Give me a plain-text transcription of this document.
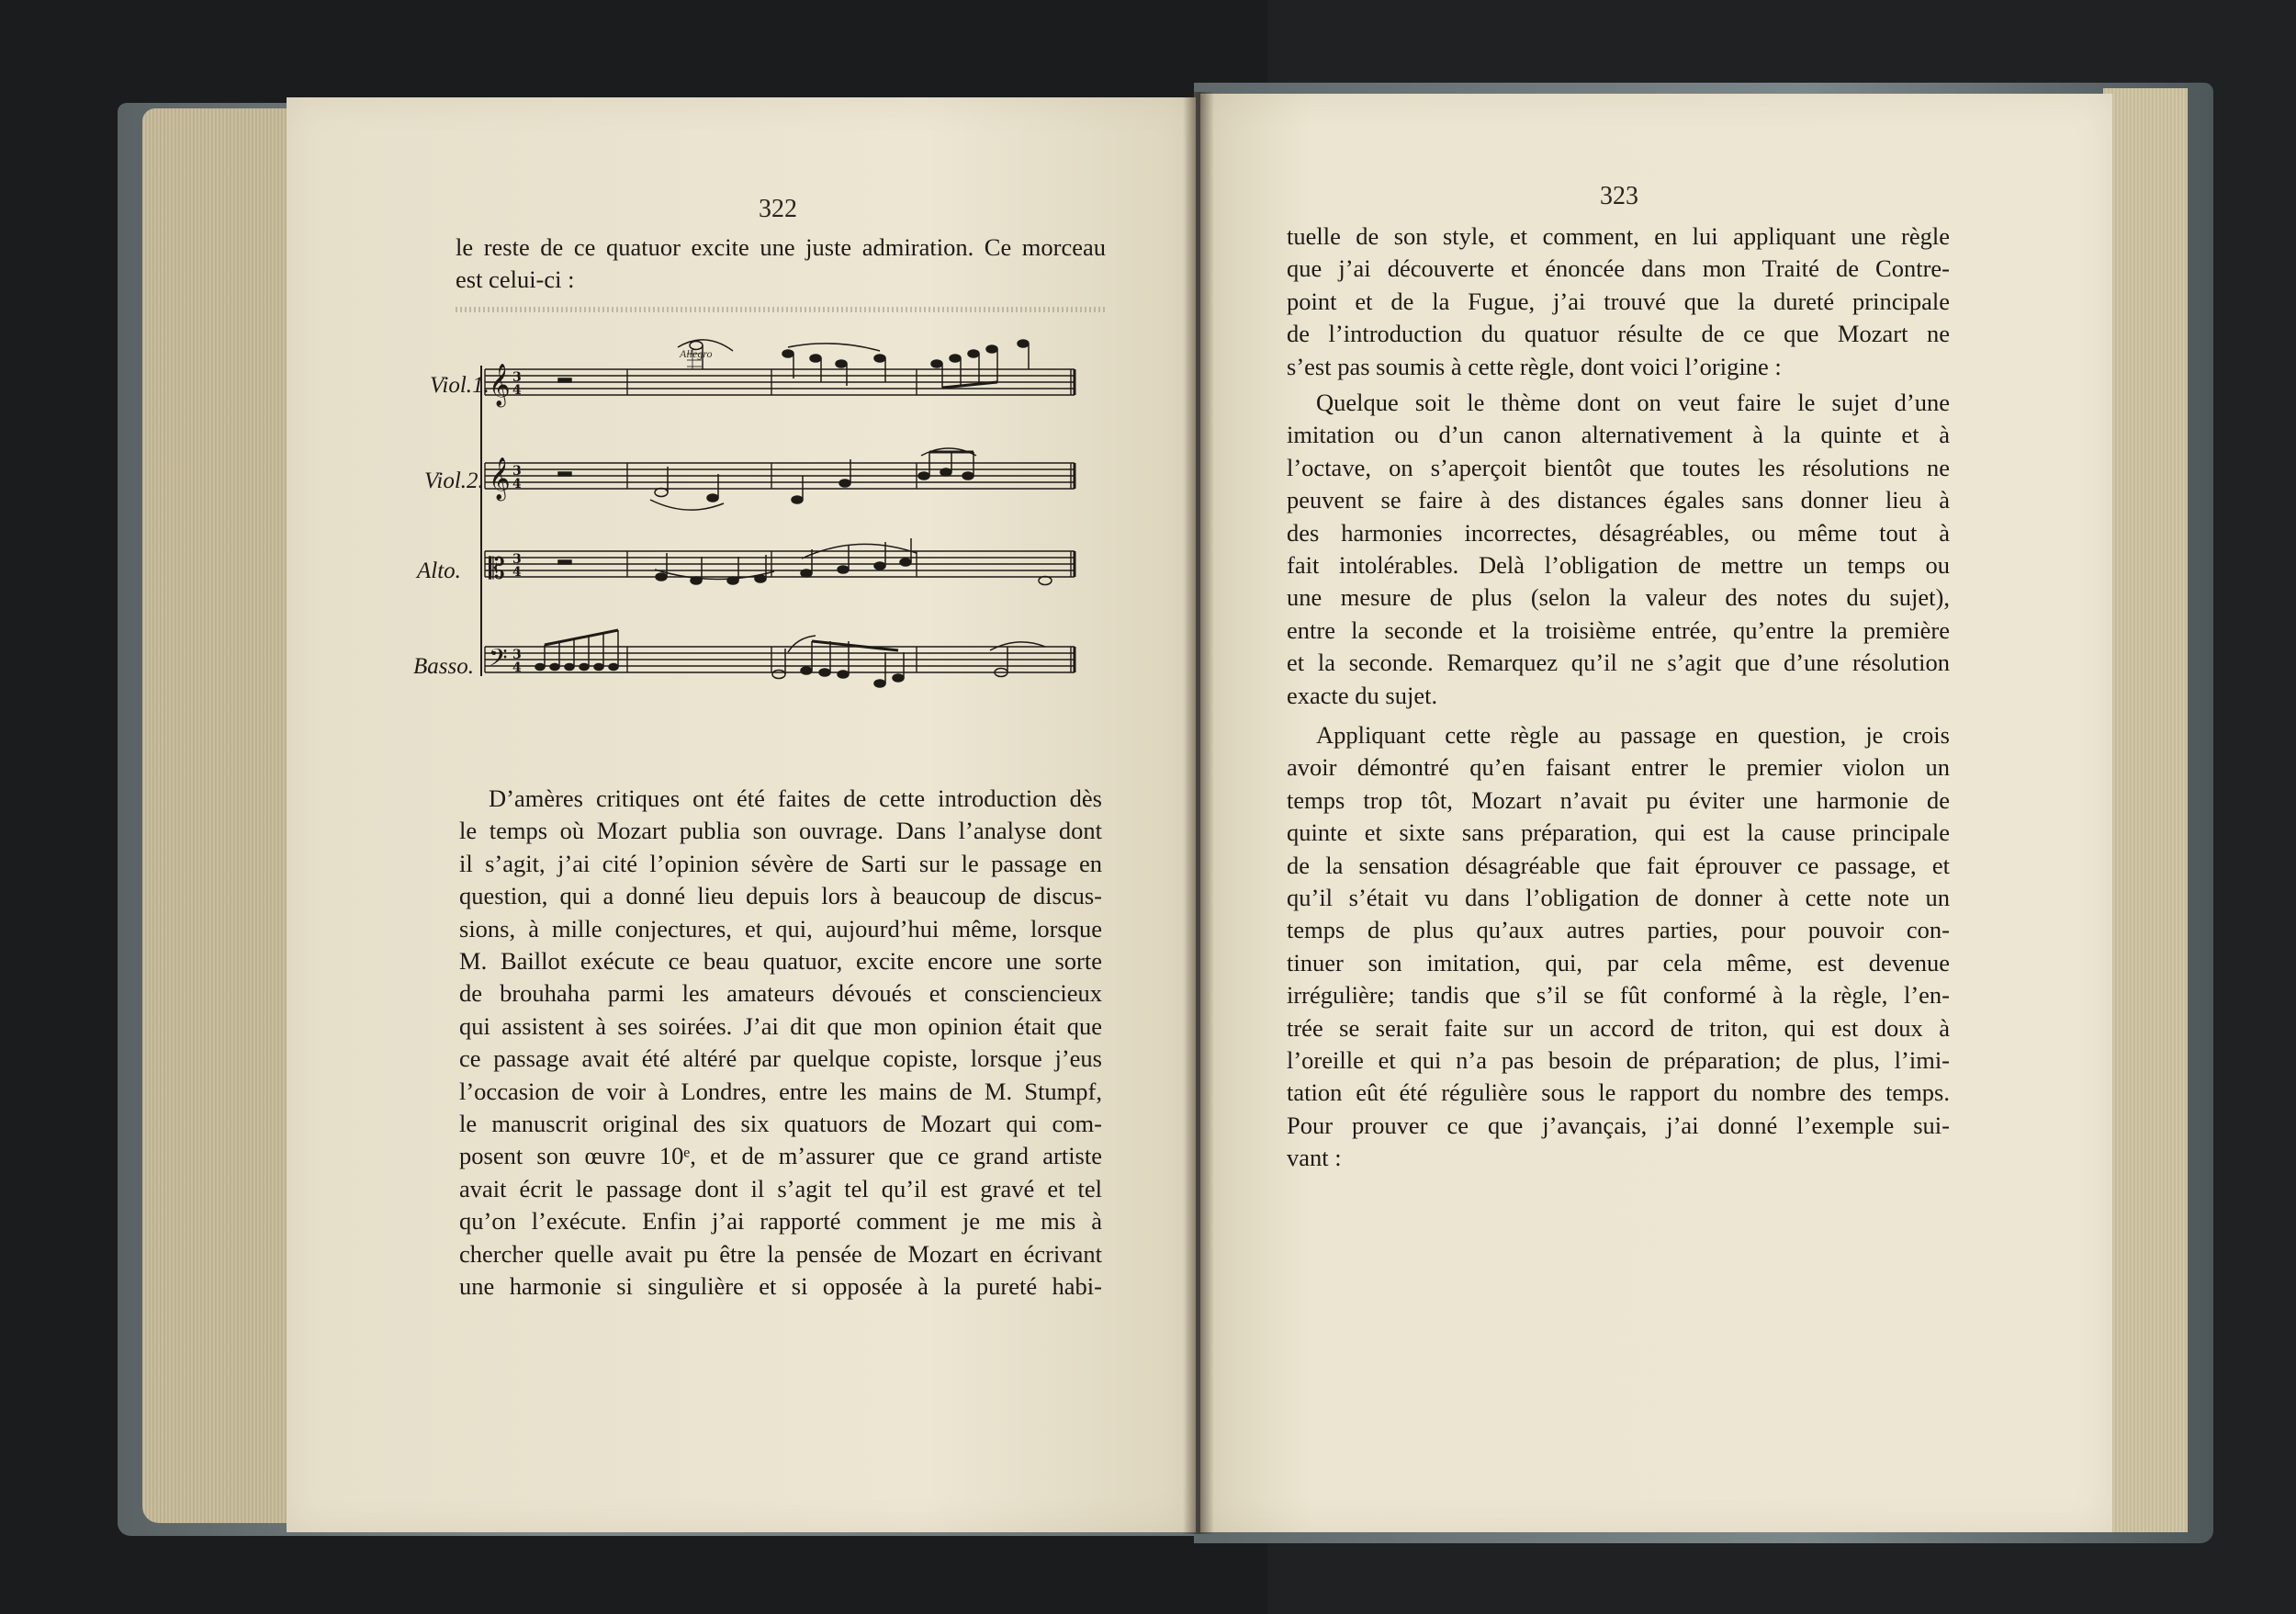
322

le reste de ce quatuor excite une juste admiration. Ce morceau

est celui-ci :

Allegro
Viol.1.
Viol.2.
Alto.
Basso.
𝄞
𝄞
𝄡
𝄢
3
4
3
4
3
4
3
4

D’amères critiques ont été faites de cette introduction dès

le temps où Mozart publia son ouvrage. Dans l’analyse dont

il s’agit, j’ai cité l’opinion sévère de Sarti sur le passage en

question, qui a donné lieu depuis lors à beaucoup de discus-

sions, à mille conjectures, et qui, aujourd’hui même, lorsque

M. Baillot exécute ce beau quatuor, excite encore une sorte

de brouhaha parmi les amateurs dévoués et consciencieux

qui assistent à ses soirées. J’ai dit que mon opinion était que

ce passage avait été altéré par quelque copiste, lorsque j’eus

l’occasion de voir à Londres, entre les mains de M. Stumpf,

le manuscrit original des six quatuors de Mozart qui com-

posent son œuvre 10ᵉ, et de m’assurer que ce grand artiste

avait écrit le passage dont il s’agit tel qu’il est gravé et tel

qu’on l’exécute. Enfin j’ai rapporté comment je me mis à

chercher quelle avait pu être la pensée de Mozart en écrivant

une harmonie si singulière et si opposée à la pureté habi-

323

tuelle de son style, et comment, en lui appliquant une règle

que j’ai découverte et énoncée dans mon Traité de Contre-

point et de la Fugue, j’ai trouvé que la dureté principale

de l’introduction du quatuor résulte de ce que Mozart ne

s’est pas soumis à cette règle, dont voici l’origine :

Quelque soit le thème dont on veut faire le sujet d’une

imitation ou d’un canon alternativement à la quinte et à

l’octave, on s’aperçoit bientôt que toutes les résolutions ne

peuvent se faire à des distances égales sans donner lieu à

des harmonies incorrectes, désagréables, ou même tout à

fait intolérables. Delà l’obligation de mettre un temps ou

une mesure de plus (selon la valeur des notes du sujet),

entre la seconde et la troisième entrée, qu’entre la première

et la seconde. Remarquez qu’il ne s’agit que d’une résolution

exacte du sujet.

Appliquant cette règle au passage en question, je crois

avoir démontré qu’en faisant entrer le premier violon un

temps trop tôt, Mozart n’avait pu éviter une harmonie de

quinte et sixte sans préparation, qui est la cause principale

de la sensation désagréable que fait éprouver ce passage, et

qu’il s’était vu dans l’obligation de donner à cette note un

temps de plus qu’aux autres parties, pour pouvoir con-

tinuer son imitation, qui, par cela même, est devenue

irrégulière; tandis que s’il se fût conformé à la règle, l’en-

trée se serait faite sur un accord de triton, qui est doux à

l’oreille et qui n’a pas besoin de préparation; de plus, l’imi-

tation eût été régulière sous le rapport du nombre des temps.

Pour prouver ce que j’avançais, j’ai donné l’exemple sui-

vant :
